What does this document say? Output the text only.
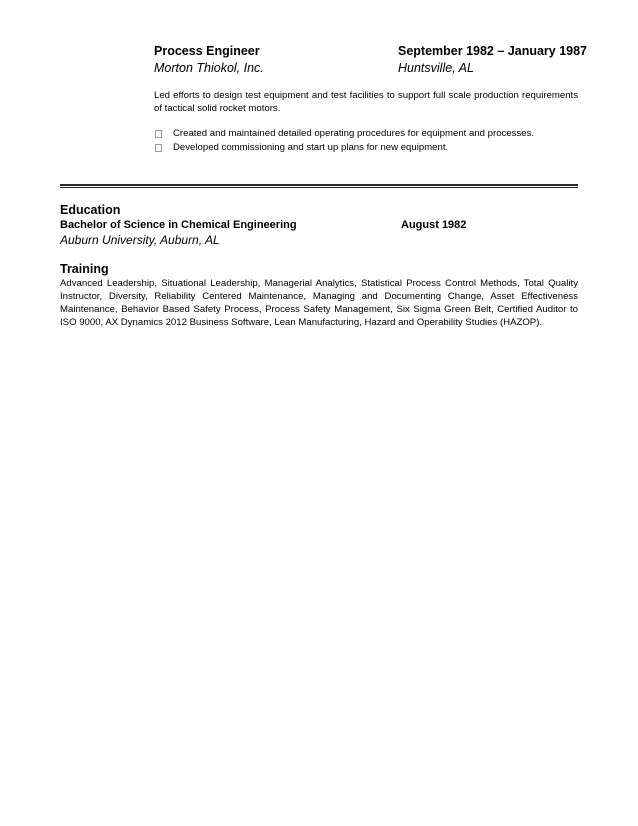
Process Engineer	September 1982 – January 1987
Morton Thiokol, Inc.	Huntsville, AL
Led efforts to design test equipment and test facilities to support full scale production requirements of tactical solid rocket motors.
Created and maintained detailed operating procedures for equipment and processes.
Developed commissioning and start up plans for new equipment.
Education
Bachelor of Science in Chemical Engineering	August 1982
Auburn University, Auburn, AL
Training
Advanced Leadership, Situational Leadership, Managerial Analytics, Statistical Process Control Methods, Total Quality Instructor, Diversity, Reliability Centered Maintenance, Managing and Documenting Change, Asset Effectiveness Maintenance, Behavior Based Safety Process, Process Safety Management, Six Sigma Green Belt, Certified Auditor to ISO 9000, AX Dynamics 2012 Business Software, Lean Manufacturing, Hazard and Operability Studies (HAZOP).
